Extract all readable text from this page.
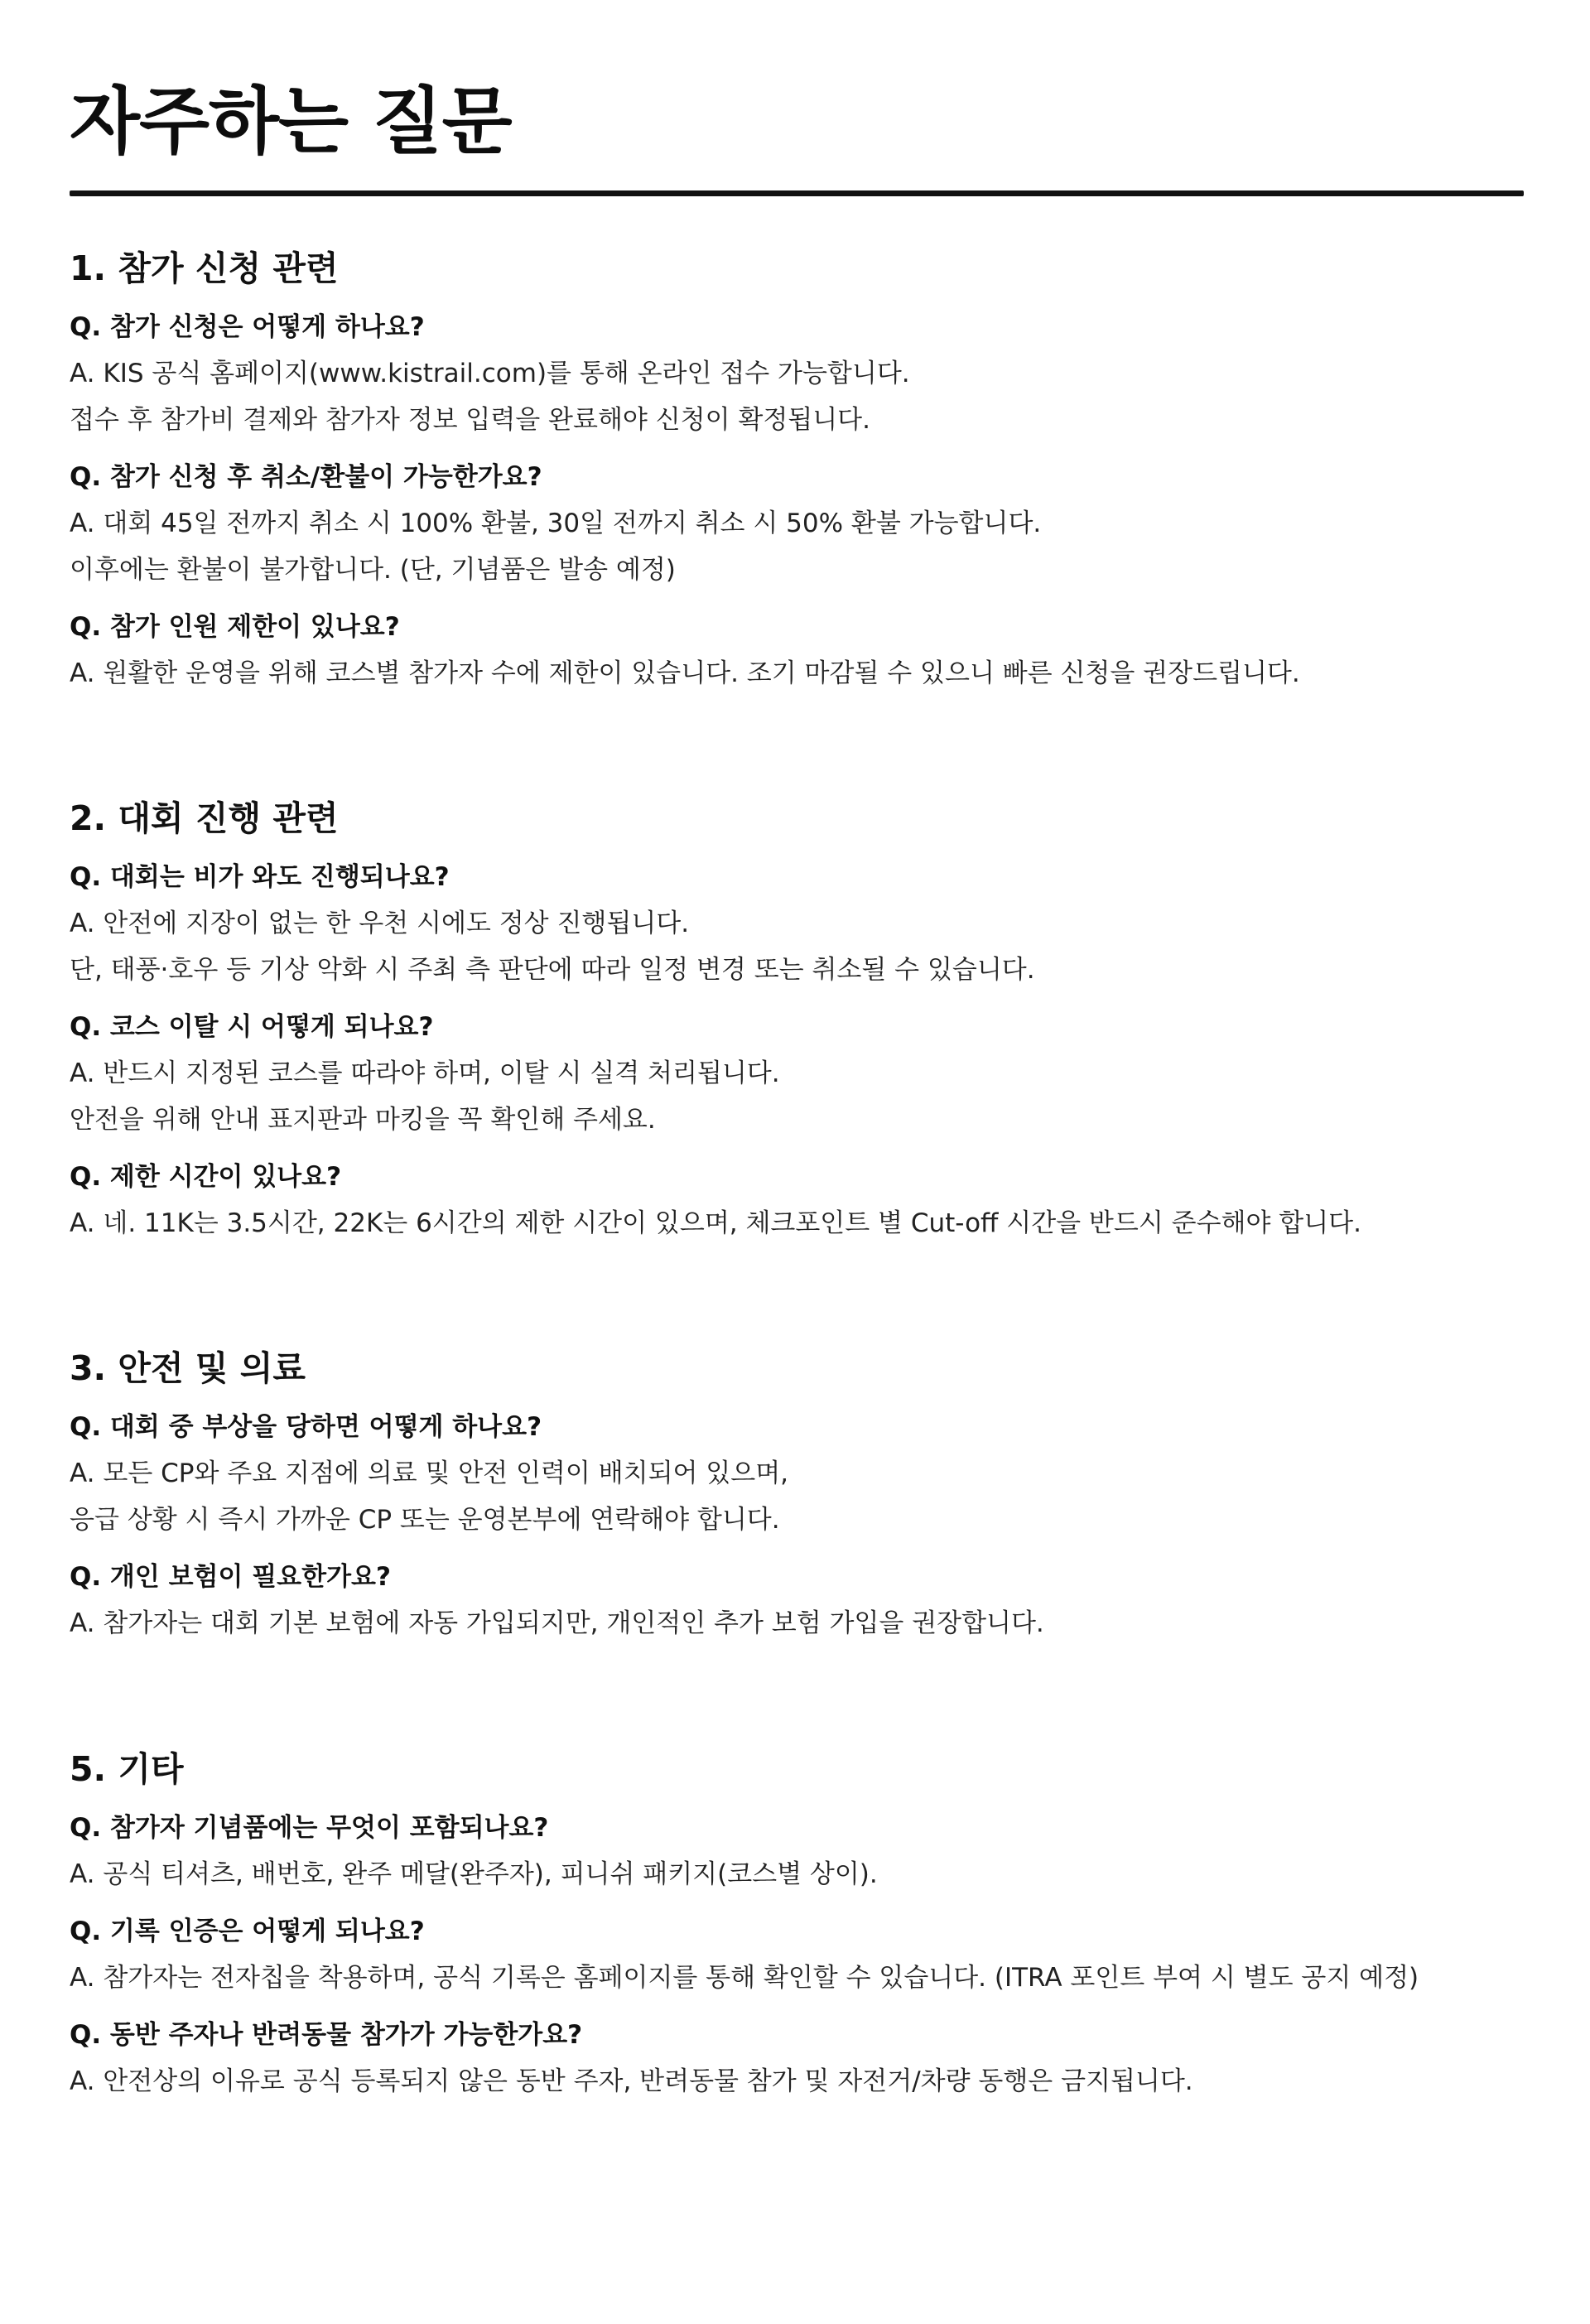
자주하는 질문
1. 참가 신청 관련

Q. 참가 신청은 어떻게 하나요?

A. KIS 공식 홈페이지(www.kistrail.com)를 통해 온라인 접수 가능합니다.

접수 후 참가비 결제와 참가자 정보 입력을 완료해야 신청이 확정됩니다.

Q. 참가 신청 후 취소/환불이 가능한가요?

A. 대회 45일 전까지 취소 시 100% 환불, 30일 전까지 취소 시 50% 환불 가능합니다.

이후에는 환불이 불가합니다. (단, 기념품은 발송 예정)

Q. 참가 인원 제한이 있나요?

A. 원활한 운영을 위해 코스별 참가자 수에 제한이 있습니다. 조기 마감될 수 있으니 빠른 신청을 권장드립니다.

2. 대회 진행 관련

Q. 대회는 비가 와도 진행되나요?

A. 안전에 지장이 없는 한 우천 시에도 정상 진행됩니다.

단, 태풍·호우 등 기상 악화 시 주최 측 판단에 따라 일정 변경 또는 취소될 수 있습니다.

Q. 코스 이탈 시 어떻게 되나요?

A. 반드시 지정된 코스를 따라야 하며, 이탈 시 실격 처리됩니다.

안전을 위해 안내 표지판과 마킹을 꼭 확인해 주세요.

Q. 제한 시간이 있나요?

A. 네. 11K는 3.5시간, 22K는 6시간의 제한 시간이 있으며, 체크포인트 별 Cut-off 시간을 반드시 준수해야 합니다.

3. 안전 및 의료

Q. 대회 중 부상을 당하면 어떻게 하나요?

A. 모든 CP와 주요 지점에 의료 및 안전 인력이 배치되어 있으며,

응급 상황 시 즉시 가까운 CP 또는 운영본부에 연락해야 합니다.

Q. 개인 보험이 필요한가요?

A. 참가자는 대회 기본 보험에 자동 가입되지만, 개인적인 추가 보험 가입을 권장합니다.

5. 기타

Q. 참가자 기념품에는 무엇이 포함되나요?

A. 공식 티셔츠, 배번호, 완주 메달(완주자), 피니쉬 패키지(코스별 상이).

Q. 기록 인증은 어떻게 되나요?

A. 참가자는 전자칩을 착용하며, 공식 기록은 홈페이지를 통해 확인할 수 있습니다. (ITRA 포인트 부여 시 별도 공지 예정)

Q. 동반 주자나 반려동물 참가가 가능한가요?

A. 안전상의 이유로 공식 등록되지 않은 동반 주자, 반려동물 참가 및 자전거/차량 동행은 금지됩니다.
